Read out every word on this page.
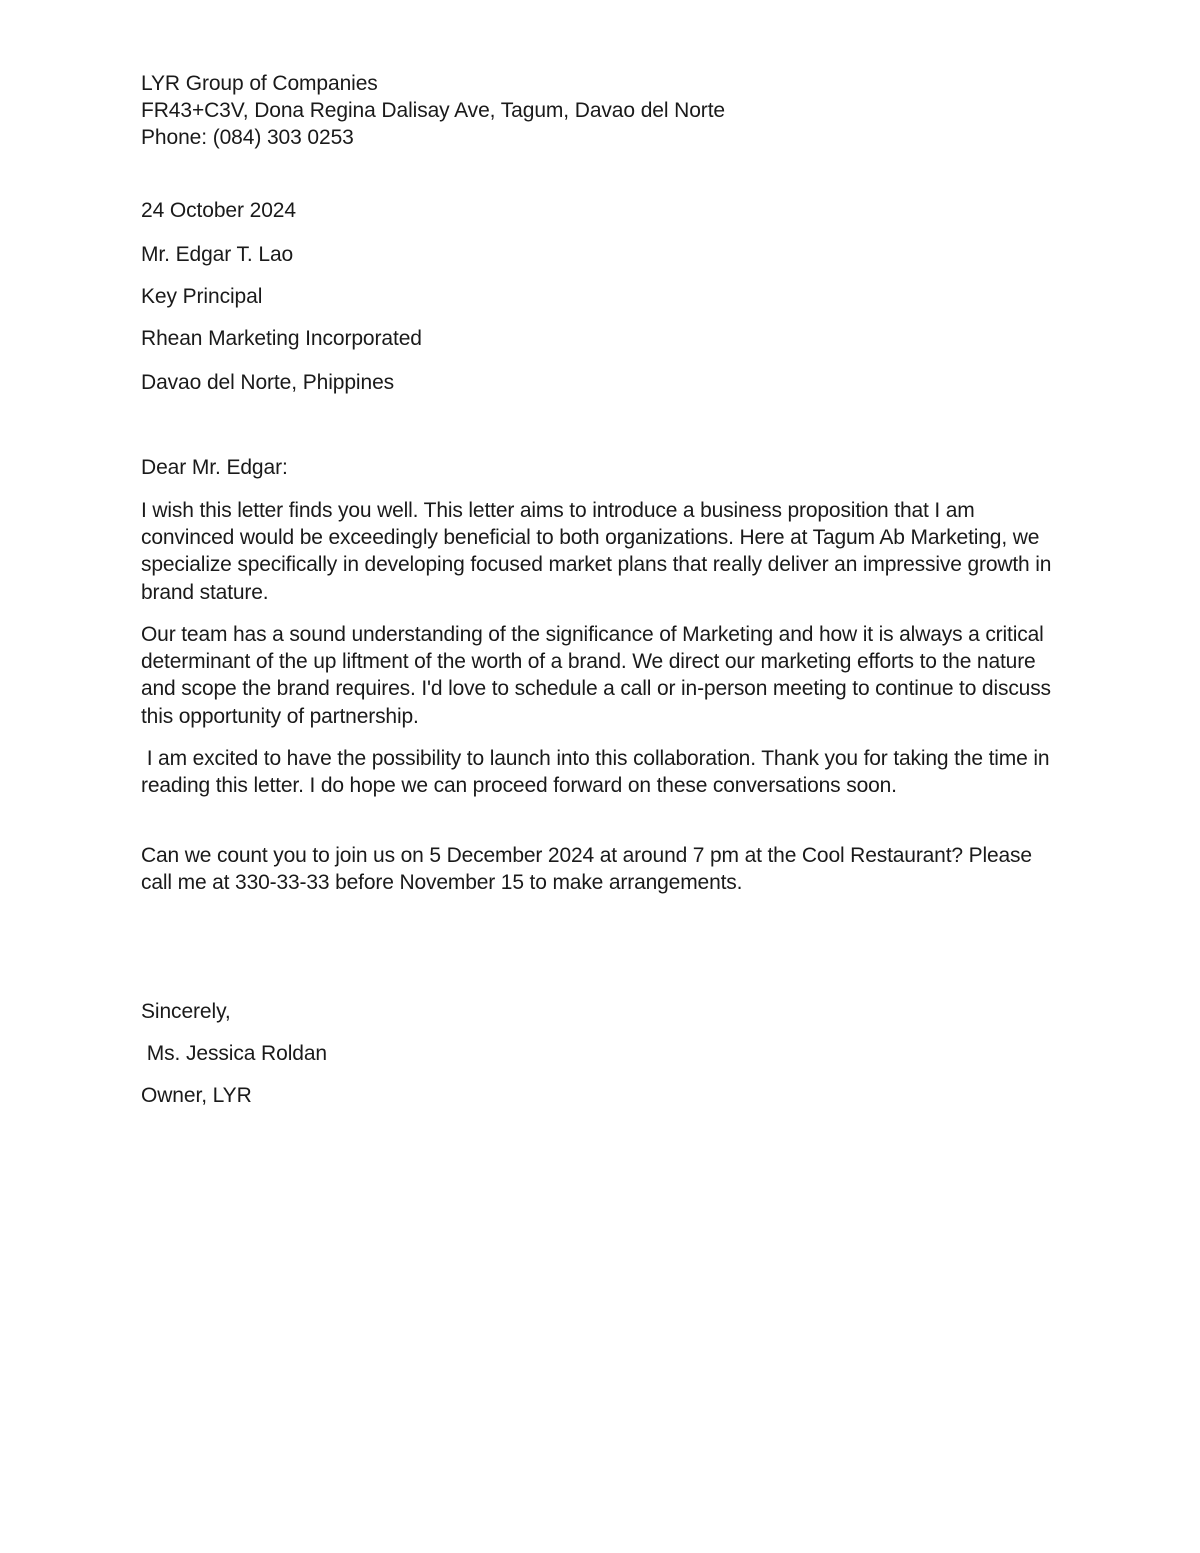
LYR Group of Companies
FR43+C3V, Dona Regina Dalisay Ave, Tagum, Davao del Norte
Phone: (084) 303 0253
24 October 2024
Mr. Edgar T. Lao
Key Principal
Rhean Marketing Incorporated
Davao del Norte, Phippines
Dear Mr. Edgar:
I wish this letter finds you well. This letter aims to introduce a business proposition that I am convinced would be exceedingly beneficial to both organizations. Here at Tagum Ab Marketing, we specialize specifically in developing focused market plans that really deliver an impressive growth in brand stature.
Our team has a sound understanding of the significance of Marketing and how it is always a critical determinant of the up liftment of the worth of a brand. We direct our marketing efforts to the nature and scope the brand requires. I'd love to schedule a call or in-person meeting to continue to discuss this opportunity of partnership.
I am excited to have the possibility to launch into this collaboration. Thank you for taking the time in reading this letter. I do hope we can proceed forward on these conversations soon.
Can we count you to join us on 5 December 2024 at around 7 pm at the Cool Restaurant? Please call me at 330-33-33 before November 15 to make arrangements.
Sincerely,
Ms. Jessica Roldan
Owner, LYR
